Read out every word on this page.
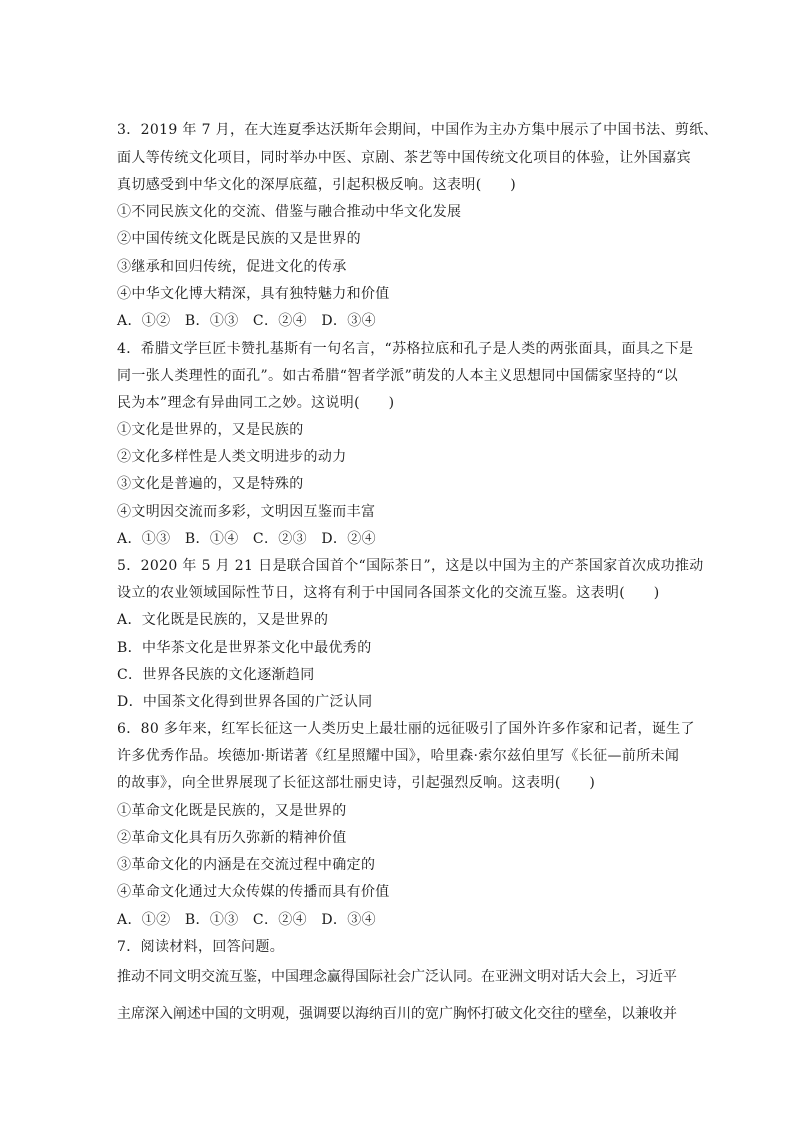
3．2019 年 7 月，在大连夏季达沃斯年会期间，中国作为主办方集中展示了中国书法、剪纸、
面人等传统文化项目，同时举办中医、京剧、茶艺等中国传统文化项目的体验，让外国嘉宾
真切感受到中华文化的深厚底蕴，引起积极反响。这表明(　　)
①不同民族文化的交流、借鉴与融合推动中华文化发展
②中国传统文化既是民族的又是世界的
③继承和回归传统，促进文化的传承
④中华文化博大精深，具有独特魅力和价值
A．①②　B．①③　C．②④　D．③④
4．希腊文学巨匠卡赞扎基斯有一句名言，“苏格拉底和孔子是人类的两张面具，面具之下是
同一张人类理性的面孔”。如古希腊“智者学派”萌发的人本主义思想同中国儒家坚持的“以
民为本”理念有异曲同工之妙。这说明(　　)
①文化是世界的，又是民族的
②文化多样性是人类文明进步的动力
③文化是普遍的，又是特殊的
④文明因交流而多彩，文明因互鉴而丰富
A．①③　B．①④　C．②③　D．②④
5．2020 年 5 月 21 日是联合国首个“国际茶日”，这是以中国为主的产茶国家首次成功推动
设立的农业领域国际性节日，这将有利于中国同各国茶文化的交流互鉴。这表明(　　)
A．文化既是民族的，又是世界的
B．中华茶文化是世界茶文化中最优秀的
C．世界各民族的文化逐渐趋同
D．中国茶文化得到世界各国的广泛认同
6．80 多年来，红军长征这一人类历史上最壮丽的远征吸引了国外许多作家和记者，诞生了
许多优秀作品。埃德加·斯诺著《红星照耀中国》，哈里森·索尔兹伯里写《长征—前所未闻
的故事》，向全世界展现了长征这部壮丽史诗，引起强烈反响。这表明(　　)
①革命文化既是民族的，又是世界的
②革命文化具有历久弥新的精神价值
③革命文化的内涵是在交流过程中确定的
④革命文化通过大众传媒的传播而具有价值
A．①②　B．①③　C．②④　D．③④
7．阅读材料，回答问题。
推动不同文明交流互鉴，中国理念赢得国际社会广泛认同。在亚洲文明对话大会上，习近平
主席深入阐述中国的文明观，强调要以海纳百川的宽广胸怀打破文化交往的壁垒，以兼收并
